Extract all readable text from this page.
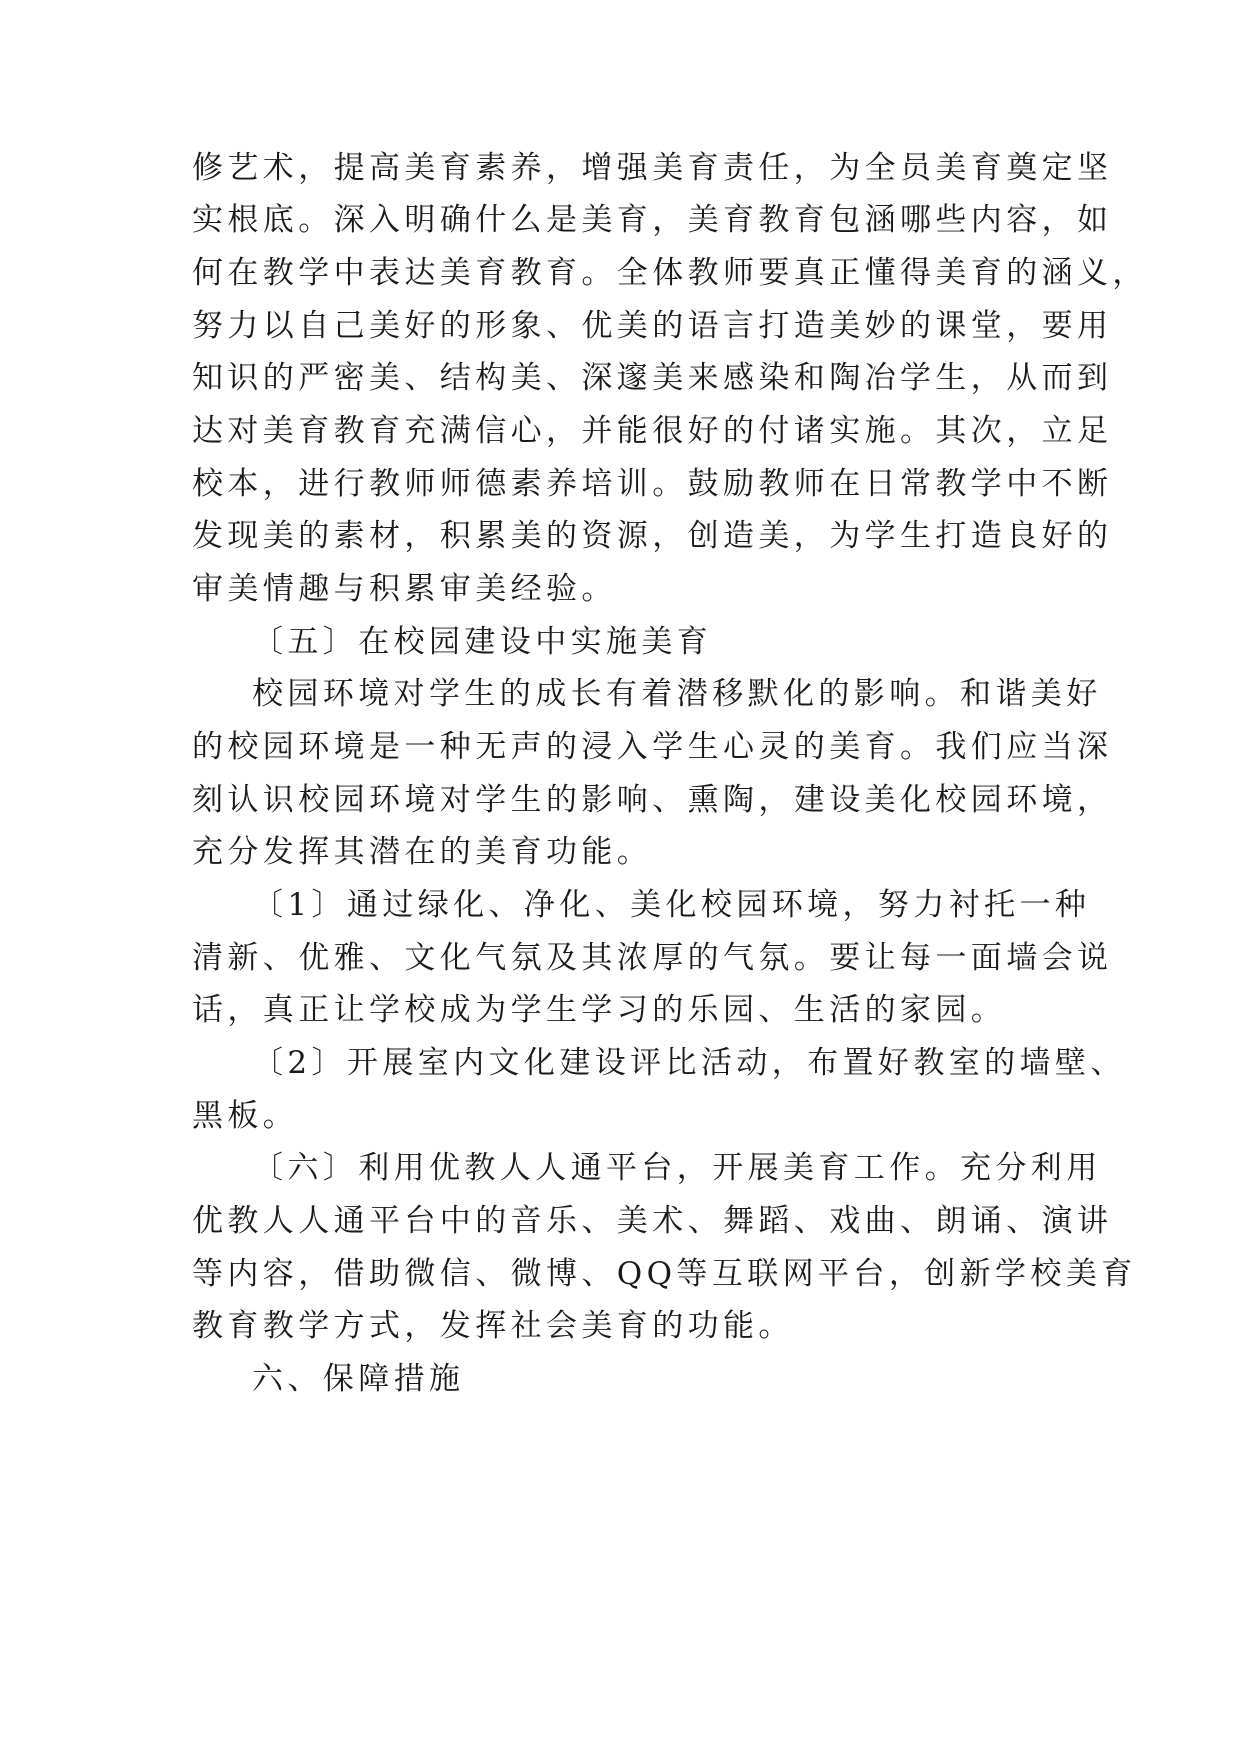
修艺术，提高美育素养，增强美育责任，为全员美育奠定坚
实根底。深入明确什么是美育，美育教育包涵哪些内容，如
何在教学中表达美育教育。全体教师要真正懂得美育的涵义，
努力以自己美好的形象、优美的语言打造美妙的课堂，要用
知识的严密美、结构美、深邃美来感染和陶冶学生，从而到
达对美育教育充满信心，并能很好的付诸实施。其次，立足
校本，进行教师师德素养培训。鼓励教师在日常教学中不断
发现美的素材，积累美的资源，创造美，为学生打造良好的
审美情趣与积累审美经验。
〔五〕在校园建设中实施美育
校园环境对学生的成长有着潜移默化的影响。和谐美好
的校园环境是一种无声的浸入学生心灵的美育。我们应当深
刻认识校园环境对学生的影响、熏陶，建设美化校园环境，
充分发挥其潜在的美育功能。
〔1〕通过绿化、净化、美化校园环境，努力衬托一种
清新、优雅、文化气氛及其浓厚的气氛。要让每一面墙会说
话，真正让学校成为学生学习的乐园、生活的家园。
〔2〕开展室内文化建设评比活动，布置好教室的墙壁、
黑板。
〔六〕利用优教人人通平台，开展美育工作。充分利用
优教人人通平台中的音乐、美术、舞蹈、戏曲、朗诵、演讲
等内容，借助微信、微博、QQ等互联网平台，创新学校美育
教育教学方式，发挥社会美育的功能。
六、保障措施
